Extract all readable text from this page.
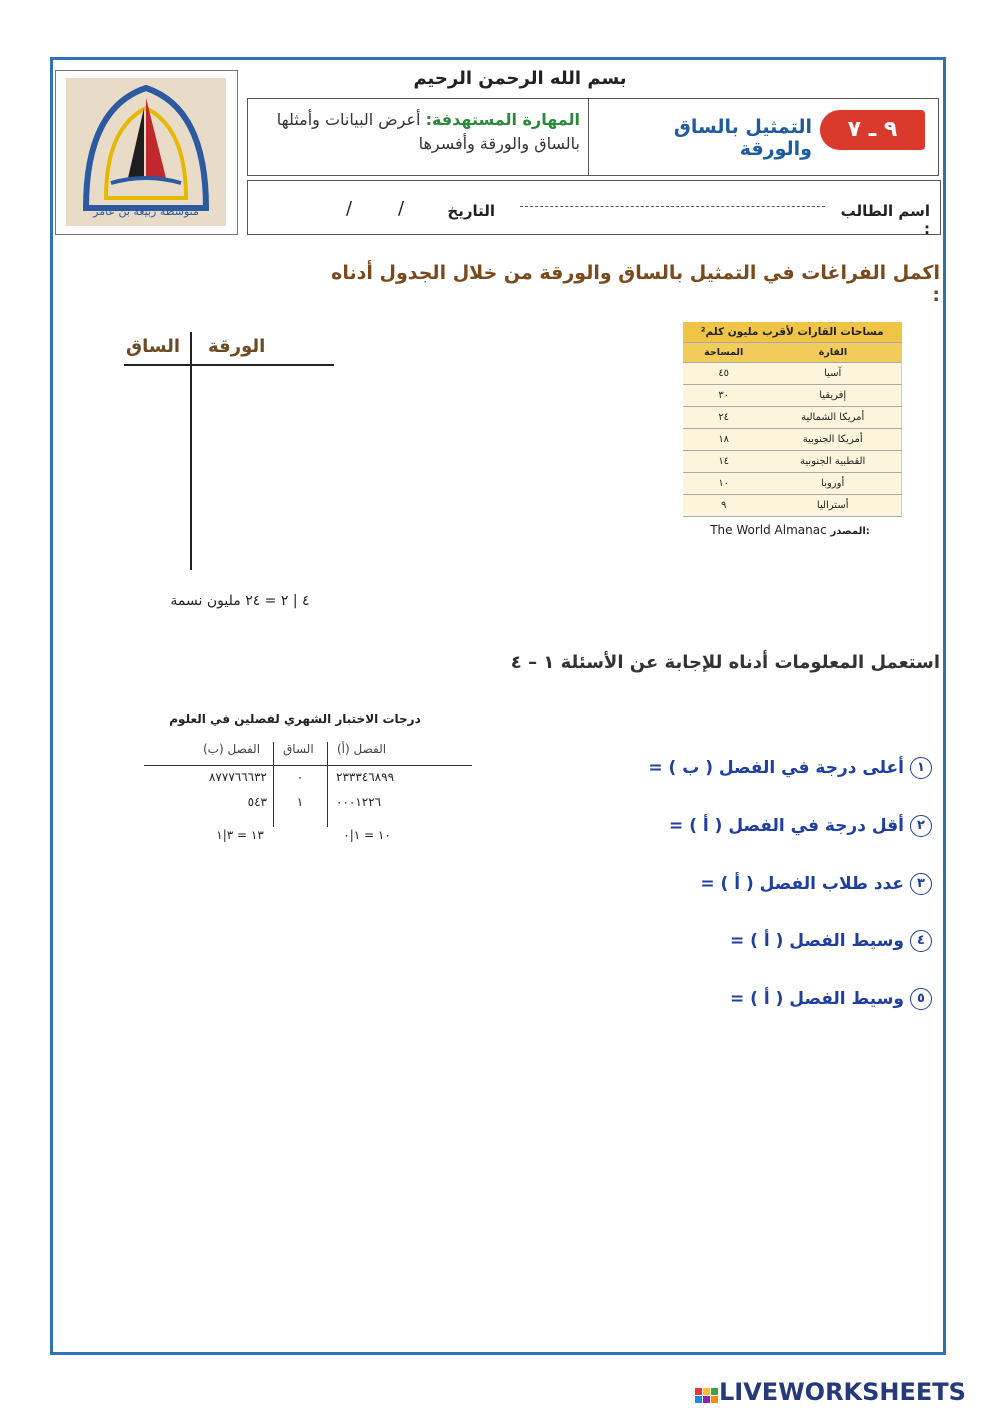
متوسطة ربيعة بن عامر
بسم الله الرحمن الرحيم
المهارة المستهدفة: أعرض البيانات وأمثلها بالساق والورقة وأفسرها
٩ ـ ٧
التمثيل بالساق والورقة
اسم الطالب :
التاريخ
/
/
اكمل الفراغات في التمثيل بالساق والورقة من خلال الجدول أدناه :
الورقة
الساق
٤ | ٢ = ٢٤ مليون نسمة
مساحات القارات لأقرب مليون كلم²	
القارة	المساحة
آسيا	٤٥
إفريقيا	٣٠
أمريكا الشمالية	٢٤
أمريكا الجنوبية	١٨
القطبية الجنوبية	١٤
أوروبا	١٠
أستراليا	٩
The World Almanac المصدر:
استعمل المعلومات أدناه للإجابة عن الأسئلة ١ – ٤
درجات الاختبار الشهري لفصلين في العلوم
الفصل (أ)
الساق
الفصل (ب)
٨٧٧٧٦٦٦٣٢	٠	٢٣٣٣٤٦٨٩٩
٥٤٣	١	٠٠٠١٢٢٦
١٣ = ٣|١	١٠ = ١|٠
١أعلى درجة في الفصل ( ب ) =
٢أقل درجة في الفصل ( أ ) =
٣عدد طلاب الفصل ( أ ) =
٤وسيط الفصل ( أ ) =
٥وسيط الفصل ( أ ) =
LIVEWORKSHEETS
